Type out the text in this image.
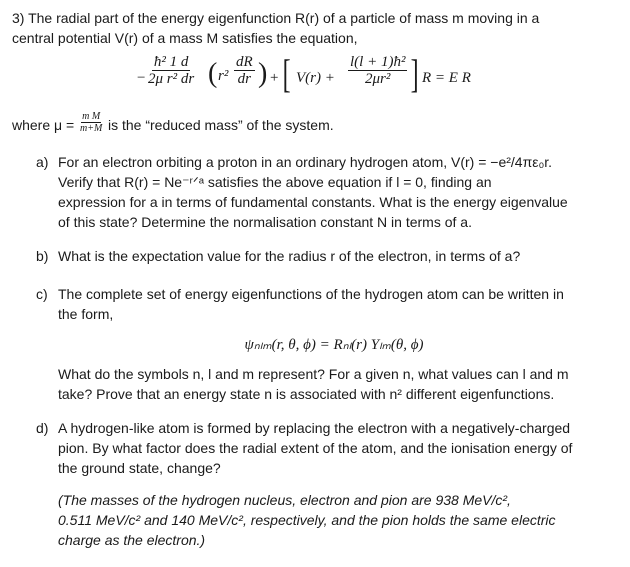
3) The radial part of the energy eigenfunction R(r) of a particle of mass m moving in a

central potential V(r) of a mass M satisfies the equation,

− $\frac{\text{ħ² 1 d}}{\text{2μ r² dr}}$ ( $r^2 \frac{dR}{dr}$ ) + [ $V(r) + \frac{\text{l(l + 1)ħ²}}{\text{2μr²}}$ ] R = E R
where $\mu = \frac{\text{m M}}{m+M}$ is the “reduced mass” of the system.
a) For an electron orbiting a proton in an ordinary hydrogen atom, V(r) = −e²/4πε₀r.

Verify that R(r) = Ne⁻ʳᐟᵃ satisfies the above equation if l = 0, finding an

expression for a in terms of fundamental constants. What is the energy eigenvalue

of this state? Determine the normalisation constant N in terms of a.

b) What is the expectation value for the radius r of the electron, in terms of a?

c) The complete set of energy eigenfunctions of the hydrogen atom can be written in

the form,

ψₙₗₘ(r, θ, ϕ) = Rₙₗ(r) Yₗₘ(θ, ϕ)

What do the symbols n, l and m represent? For a given n, what values can l and m

take? Prove that an energy state n is associated with n² different eigenfunctions.

d) A hydrogen-like atom is formed by replacing the electron with a negatively-charged

pion. By what factor does the radial extent of the atom, and the ionisation energy of

the ground state, change?

(The masses of the hydrogen nucleus, electron and pion are 938 MeV/c²,

0.511 MeV/c² and 140 MeV/c², respectively, and the pion holds the same electric

charge as the electron.)
